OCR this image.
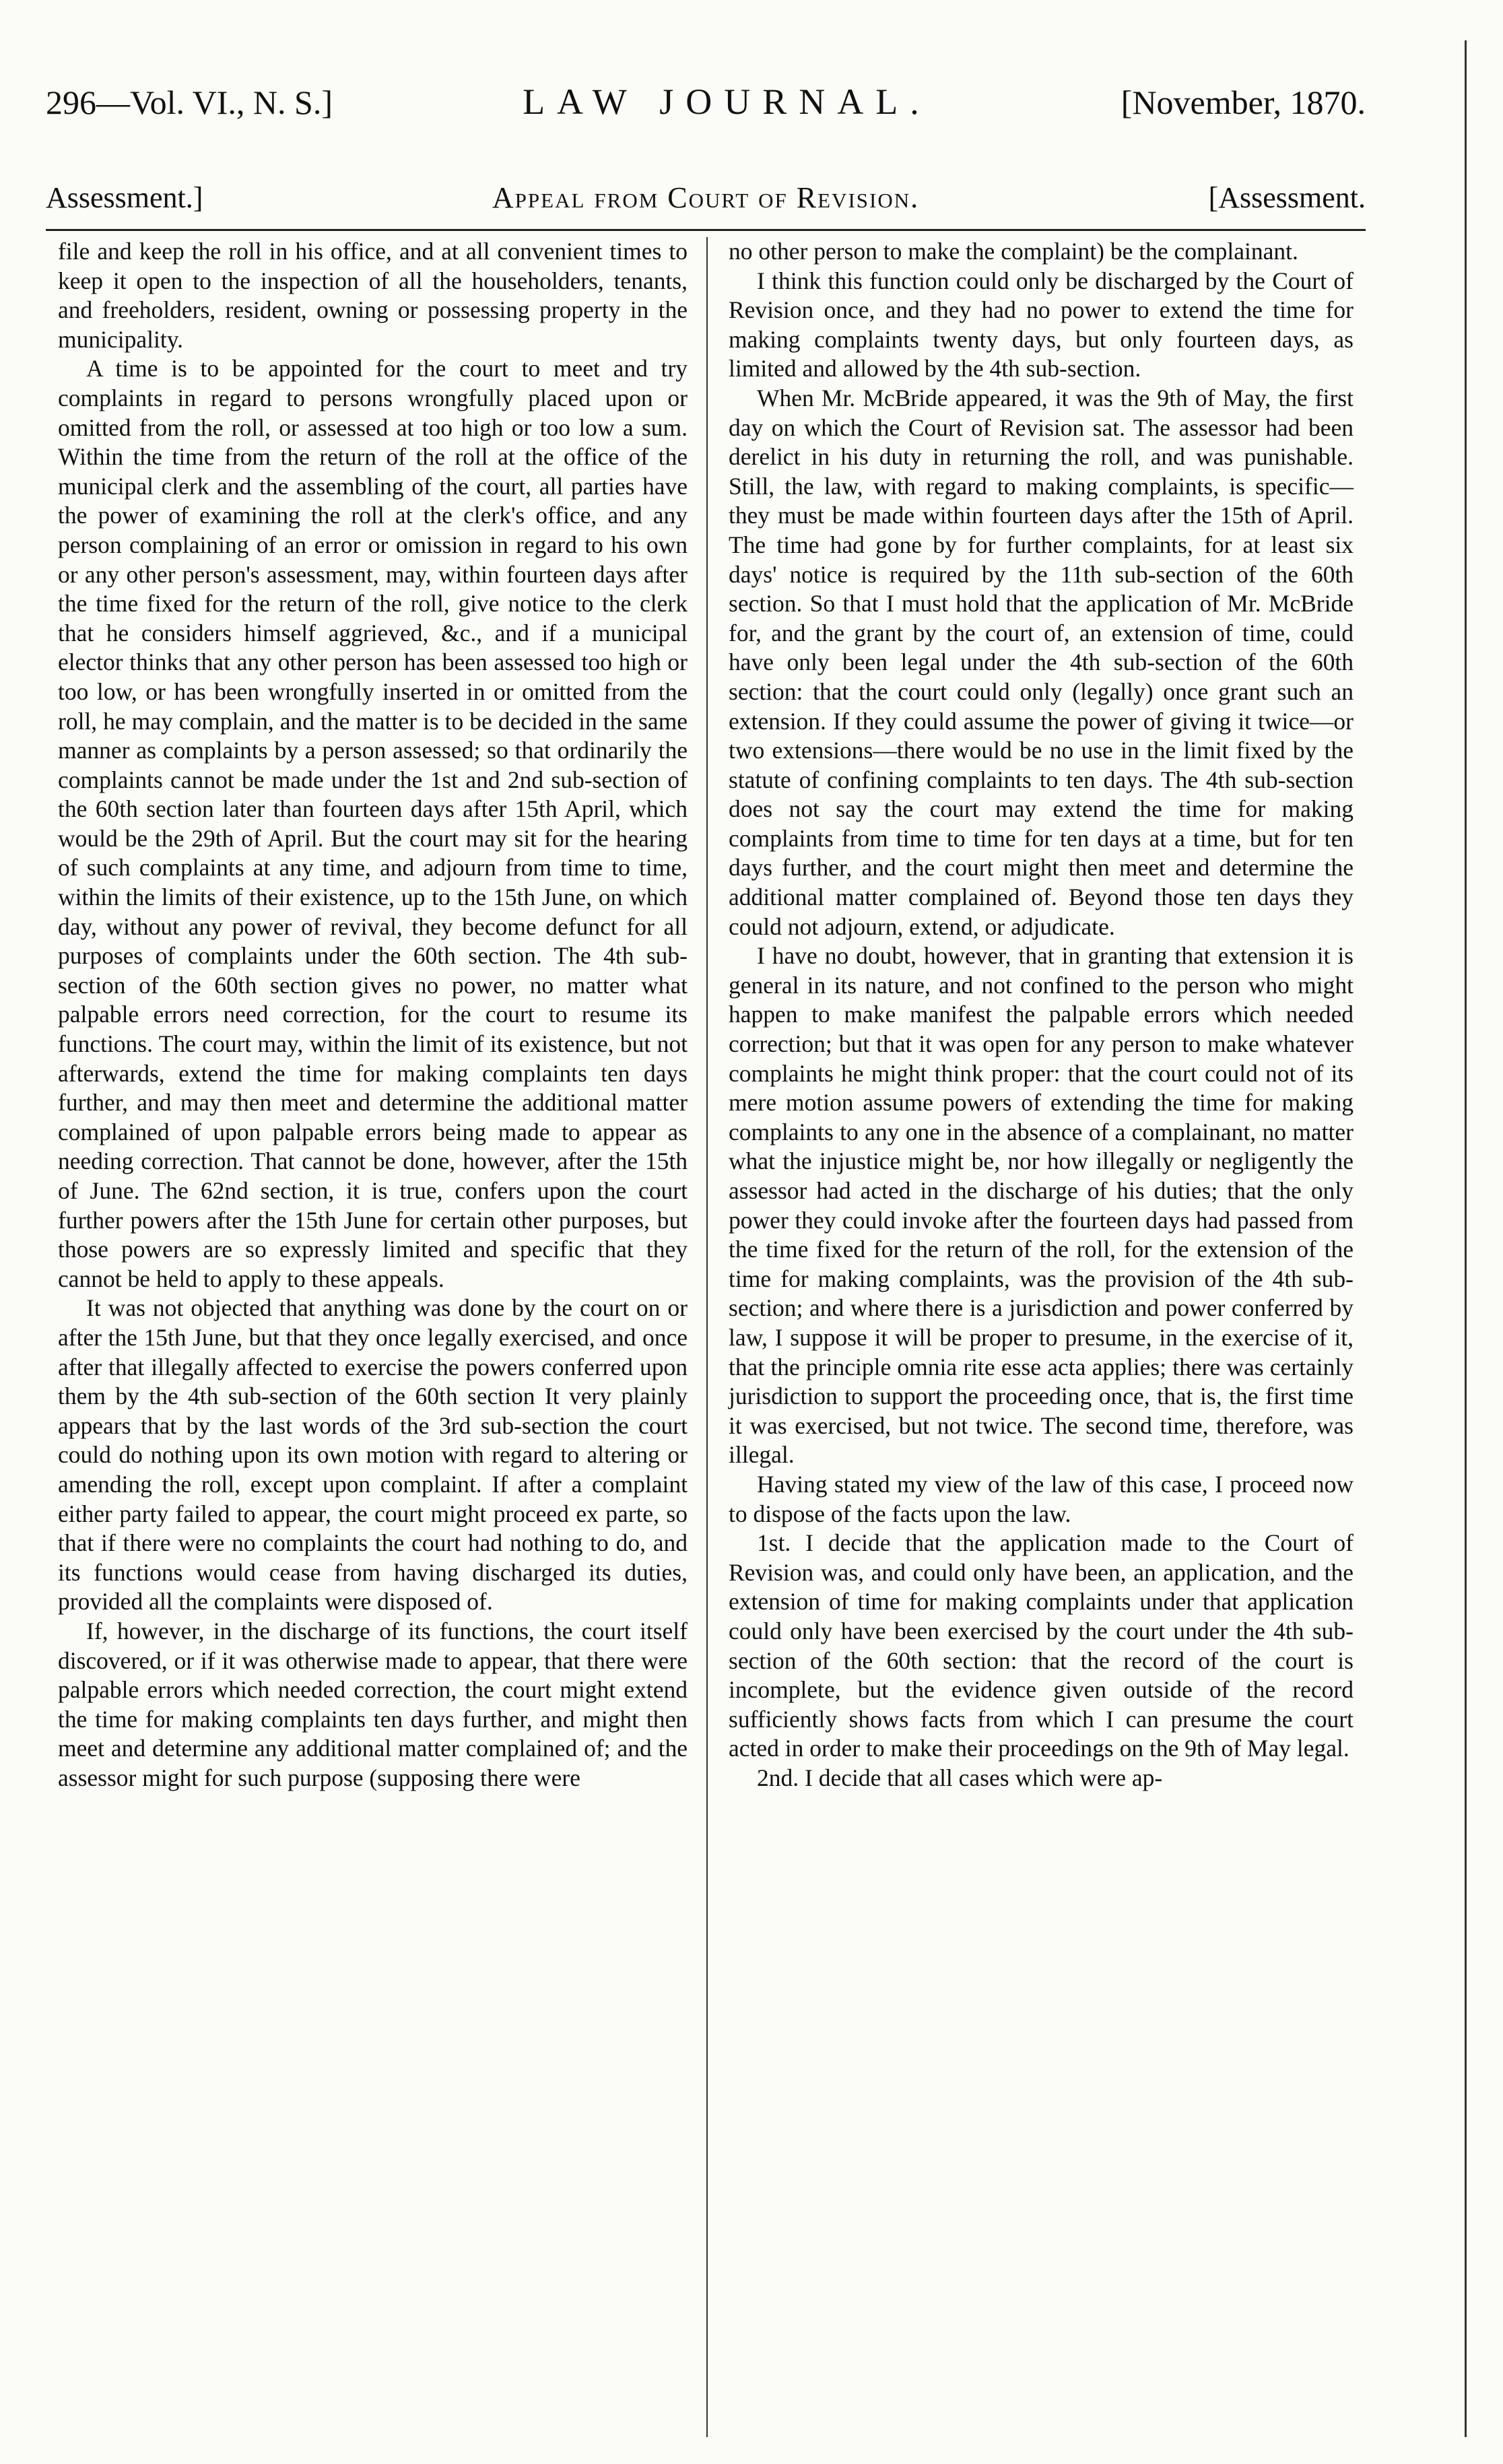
296—Vol. VI., N. S.]	LAW JOURNAL.	[November, 1870.
Assessment.]	Appeal from Court of Revision.	[Assessment.

file and keep the roll in his office, and at all convenient times to keep it open to the inspection of all the householders, tenants, and freeholders, resident, owning or possessing property in the municipality.

A time is to be appointed for the court to meet and try complaints in regard to persons wrongfully placed upon or omitted from the roll, or assessed at too high or too low a sum. Within the time from the return of the roll at the office of the municipal clerk and the assembling of the court, all parties have the power of examining the roll at the clerk's office, and any person complaining of an error or omission in regard to his own or any other person's assessment, may, within fourteen days after the time fixed for the return of the roll, give notice to the clerk that he considers himself aggrieved, &c., and if a municipal elector thinks that any other person has been assessed too high or too low, or has been wrongfully inserted in or omitted from the roll, he may complain, and the matter is to be decided in the same manner as complaints by a person assessed; so that ordinarily the complaints cannot be made under the 1st and 2nd sub-section of the 60th section later than fourteen days after 15th April, which would be the 29th of April. But the court may sit for the hearing of such complaints at any time, and adjourn from time to time, within the limits of their existence, up to the 15th June, on which day, without any power of revival, they become defunct for all purposes of complaints under the 60th section. The 4th sub-section of the 60th section gives no power, no matter what palpable errors need correction, for the court to resume its functions. The court may, within the limit of its existence, but not afterwards, extend the time for making complaints ten days further, and may then meet and determine the additional matter complained of upon palpable errors being made to appear as needing correction. That cannot be done, however, after the 15th of June. The 62nd section, it is true, confers upon the court further powers after the 15th June for certain other purposes, but those powers are so expressly limited and specific that they cannot be held to apply to these appeals.

It was not objected that anything was done by the court on or after the 15th June, but that they once legally exercised, and once after that illegally affected to exercise the powers conferred upon them by the 4th sub-section of the 60th section It very plainly appears that by the last words of the 3rd sub-section the court could do nothing upon its own motion with regard to altering or amending the roll, except upon complaint. If after a complaint either party failed to appear, the court might proceed ex parte, so that if there were no complaints the court had nothing to do, and its functions would cease from having discharged its duties, provided all the complaints were disposed of.

If, however, in the discharge of its functions, the court itself discovered, or if it was otherwise made to appear, that there were palpable errors which needed correction, the court might extend the time for making complaints ten days further, and might then meet and determine any additional matter complained of; and the assessor might for such purpose (supposing there were

no other person to make the complaint) be the complainant.

I think this function could only be discharged by the Court of Revision once, and they had no power to extend the time for making complaints twenty days, but only fourteen days, as limited and allowed by the 4th sub-section.

When Mr. McBride appeared, it was the 9th of May, the first day on which the Court of Revision sat. The assessor had been derelict in his duty in returning the roll, and was punishable. Still, the law, with regard to making complaints, is specific—they must be made within fourteen days after the 15th of April. The time had gone by for further complaints, for at least six days' notice is required by the 11th sub-section of the 60th section. So that I must hold that the application of Mr. McBride for, and the grant by the court of, an extension of time, could have only been legal under the 4th sub-section of the 60th section: that the court could only (legally) once grant such an extension. If they could assume the power of giving it twice—or two extensions—there would be no use in the limit fixed by the statute of confining complaints to ten days. The 4th sub-section does not say the court may extend the time for making complaints from time to time for ten days at a time, but for ten days further, and the court might then meet and determine the additional matter complained of. Beyond those ten days they could not adjourn, extend, or adjudicate.

I have no doubt, however, that in granting that extension it is general in its nature, and not confined to the person who might happen to make manifest the palpable errors which needed correction; but that it was open for any person to make whatever complaints he might think proper: that the court could not of its mere motion assume powers of extending the time for making complaints to any one in the absence of a complainant, no matter what the injustice might be, nor how illegally or negligently the assessor had acted in the discharge of his duties; that the only power they could invoke after the fourteen days had passed from the time fixed for the return of the roll, for the extension of the time for making complaints, was the provision of the 4th sub-section; and where there is a jurisdiction and power conferred by law, I suppose it will be proper to presume, in the exercise of it, that the principle omnia rite esse acta applies; there was certainly jurisdiction to support the proceeding once, that is, the first time it was exercised, but not twice. The second time, therefore, was illegal.

Having stated my view of the law of this case, I proceed now to dispose of the facts upon the law.

1st. I decide that the application made to the Court of Revision was, and could only have been, an application, and the extension of time for making complaints under that application could only have been exercised by the court under the 4th sub-section of the 60th section: that the record of the court is incomplete, but the evidence given outside of the record sufficiently shows facts from which I can presume the court acted in order to make their proceedings on the 9th of May legal.

2nd. I decide that all cases which were ap-
